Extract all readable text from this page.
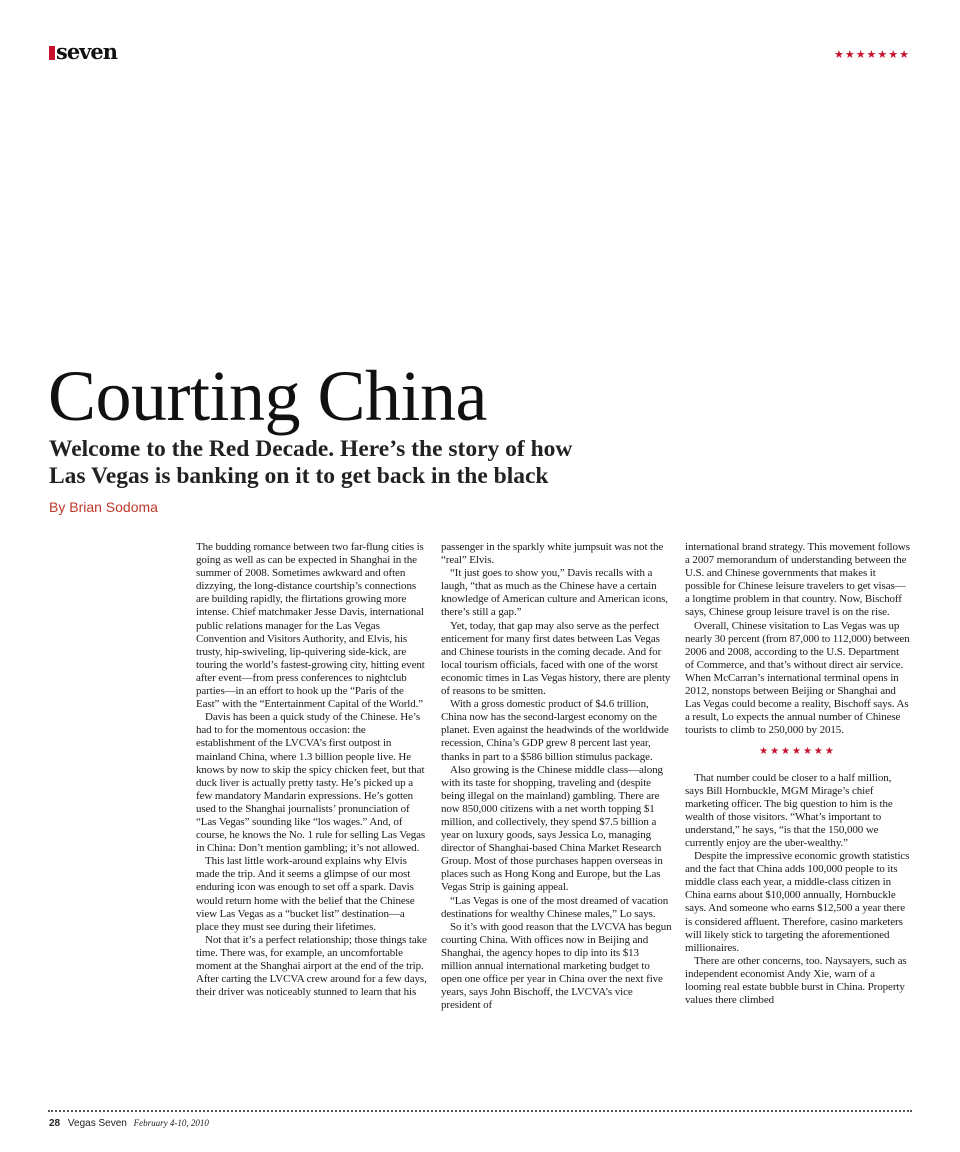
seven	★★★★★★★
Courting China
Welcome to the Red Decade. Here’s the story of how
Las Vegas is banking on it to get back in the black
By Brian Sodoma

The budding romance between two far-flung cities is going as well as can be expected in Shanghai in the summer of 2008. Sometimes awkward and often dizzying, the long-distance courtship’s connections are building rapidly, the flirtations growing more intense. Chief matchmaker Jesse Davis, international public relations manager for the Las Vegas Convention and Visitors Authority, and Elvis, his trusty, hip-swiveling, lip-quivering side-kick, are touring the world’s fastest-growing city, hitting event after event—from press conferences to nightclub parties—in an effort to hook up the “Paris of the East” with the “Entertainment Capital of the World.”

Davis has been a quick study of the Chinese. He’s had to for the momentous occasion: the establishment of the LVCVA’s first outpost in mainland China, where 1.3 billion people live. He knows by now to skip the spicy chicken feet, but that duck liver is actually pretty tasty. He’s picked up a few mandatory Mandarin expressions. He’s gotten used to the Shanghai journalists’ pronunciation of “Las Vegas” sounding like “los wages.” And, of course, he knows the No. 1 rule for selling Las Vegas in China: Don’t mention gambling; it’s not allowed.

This last little work-around explains why Elvis made the trip. And it seems a glimpse of our most enduring icon was enough to set off a spark. Davis would return home with the belief that the Chinese view Las Vegas as a “bucket list” destination—a place they must see during their lifetimes.

Not that it’s a perfect relationship; those things take time. There was, for example, an uncomfortable moment at the Shanghai airport at the end of the trip. After carting the LVCVA crew around for a few days, their driver was noticeably stunned to learn that his

passenger in the sparkly white jumpsuit was not the “real” Elvis.

“It just goes to show you,” Davis recalls with a laugh, “that as much as the Chinese have a certain knowledge of American culture and American icons, there’s still a gap.”

Yet, today, that gap may also serve as the perfect enticement for many first dates between Las Vegas and Chinese tourists in the coming decade. And for local tourism officials, faced with one of the worst economic times in Las Vegas history, there are plenty of reasons to be smitten.

With a gross domestic product of $4.6 trillion, China now has the second-largest economy on the planet. Even against the headwinds of the worldwide recession, China’s GDP grew 8 percent last year, thanks in part to a $586 billion stimulus package.

Also growing is the Chinese middle class—along with its taste for shopping, traveling and (despite being illegal on the mainland) gambling. There are now 850,000 citizens with a net worth topping $1 million, and collectively, they spend $7.5 billion a year on luxury goods, says Jessica Lo, managing director of Shanghai-based China Market Research Group. Most of those purchases happen overseas in places such as Hong Kong and Europe, but the Las Vegas Strip is gaining appeal.

“Las Vegas is one of the most dreamed of vacation destinations for wealthy Chinese males,” Lo says.

So it’s with good reason that the LVCVA has begun courting China. With offices now in Beijing and Shanghai, the agency hopes to dip into its $13 million annual international marketing budget to open one office per year in China over the next five years, says John Bischoff, the LVCVA’s vice president of

international brand strategy. This movement follows a 2007 memorandum of understanding between the U.S. and Chinese governments that makes it possible for Chinese leisure travelers to get visas—a longtime problem in that country. Now, Bischoff says, Chinese group leisure travel is on the rise.

Overall, Chinese visitation to Las Vegas was up nearly 30 percent (from 87,000 to 112,000) between 2006 and 2008, according to the U.S. Department of Commerce, and that’s without direct air service. When McCarran’s international terminal opens in 2012, nonstops between Beijing or Shanghai and Las Vegas could become a reality, Bischoff says. As a result, Lo expects the annual number of Chinese tourists to climb to 250,000 by 2015.

★★★★★★★

That number could be closer to a half million, says Bill Hornbuckle, MGM Mirage’s chief marketing officer. The big question to him is the wealth of those visitors. “What’s important to understand,” he says, “is that the 150,000 we currently enjoy are the uber-wealthy.”

Despite the impressive economic growth statistics and the fact that China adds 100,000 people to its middle class each year, a middle-class citizen in China earns about $10,000 annually, Hornbuckle says. And someone who earns $12,500 a year there is considered affluent. Therefore, casino marketers will likely stick to targeting the aforementioned millionaires.

There are other concerns, too. Naysayers, such as independent economist Andy Xie, warn of a looming real estate bubble burst in China. Property values there climbed

28 Vegas Seven February 4-10, 2010
